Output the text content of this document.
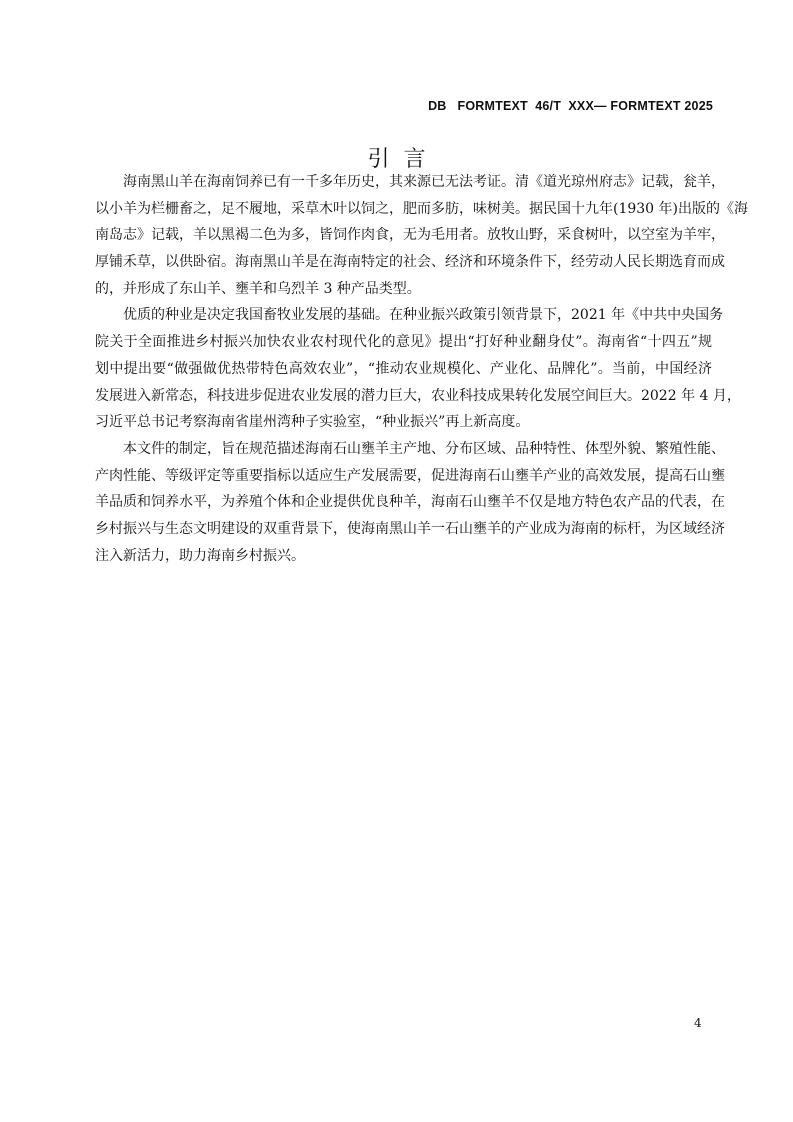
DB   FORMTEXT  46/T  XXX— FORMTEXT 2025
引言
海南黑山羊在海南饲养已有一千多年历史，其来源已无法考证。清《道光琼州府志》记载，瓮羊，
以小羊为栏栅畜之，足不履地，采草木叶以饲之，肥而多肪，味树美。据民国十九年(1930 年)出版的《海
南岛志》记载，羊以黑褐二色为多，皆饲作肉食，无为毛用者。放牧山野，采食树叶，以空室为羊牢，
厚铺禾草，以供卧宿。海南黑山羊是在海南特定的社会、经济和环境条件下，经劳动人民长期选育而成
的，并形成了东山羊、壅羊和乌烈羊 3 种产品类型。
优质的种业是决定我国畜牧业发展的基础。在种业振兴政策引领背景下，2021 年《中共中央国务
院关于全面推进乡村振兴加快农业农村现代化的意见》提出“打好种业翻身仗”。海南省“十四五”规
划中提出要“做强做优热带特色高效农业”，“推动农业规模化、产业化、品牌化”。当前，中国经济
发展进入新常态，科技进步促进农业发展的潜力巨大，农业科技成果转化发展空间巨大。2022 年 4 月，
习近平总书记考察海南省崖州湾种子实验室，“种业振兴”再上新高度。
本文件的制定，旨在规范描述海南石山壅羊主产地、分布区域、品种特性、体型外貌、繁殖性能、
产肉性能、等级评定等重要指标以适应生产发展需要，促进海南石山壅羊产业的高效发展，提高石山壅
羊品质和饲养水平，为养殖个体和企业提供优良种羊，海南石山壅羊不仅是地方特色农产品的代表，在
乡村振兴与生态文明建设的双重背景下，使海南黑山羊一石山壅羊的产业成为海南的标杆，为区域经济
注入新活力，助力海南乡村振兴。
4
